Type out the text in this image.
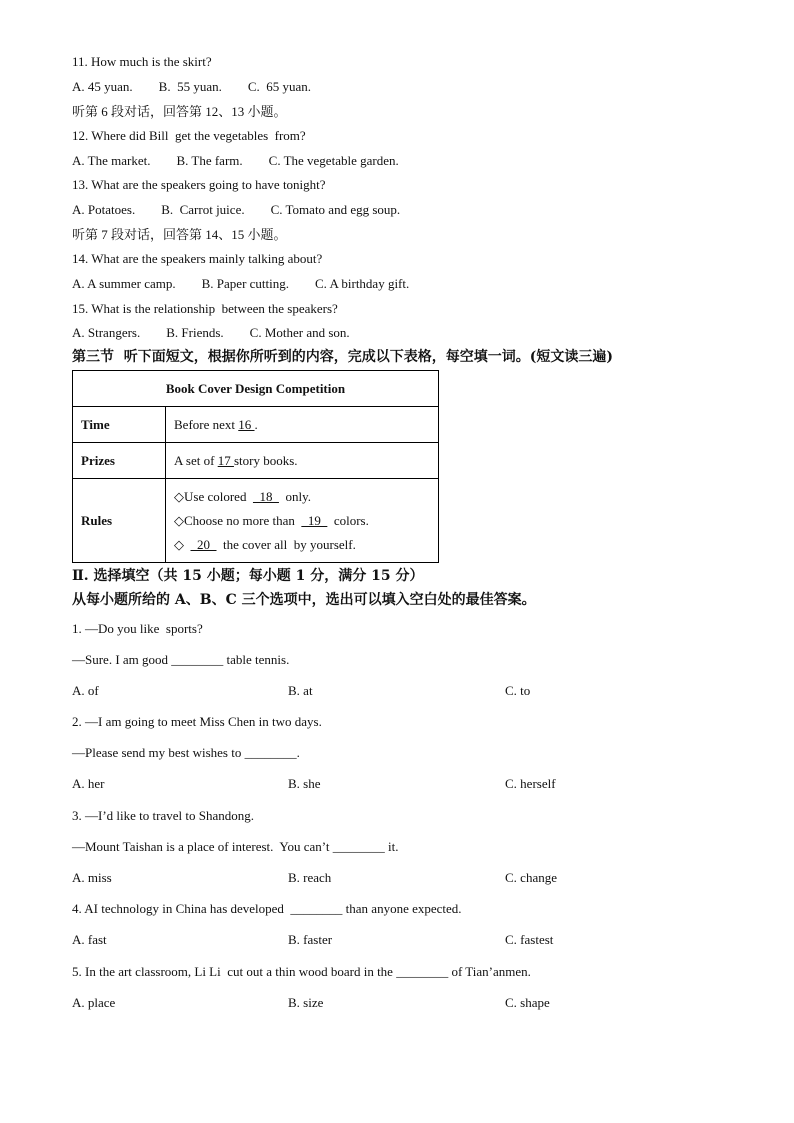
11. How much is the skirt?
A. 45 yuan.        B.  55 yuan.        C.  65 yuan.
听第 6 段对话，回答第 12、13 小题。
12. Where did Bill  get the vegetables  from?
A. The market.        B. The farm.        C. The vegetable garden.
13. What are the speakers going to have tonight?
A. Potatoes.        B.  Carrot juice.        C. Tomato and egg soup.
听第 7 段对话，回答第 14、15 小题。
14. What are the speakers mainly talking about?
A. A summer camp.        B. Paper cutting.        C. A birthday gift.
15. What is the relationship  between the speakers?
A. Strangers.        B. Friends.        C. Mother and son.
第三节  听下面短文，根据你所听到的内容，完成以下表格，每空填一词。(短文读三遍)
Book Cover Design Competition	
Time	Before next 16 .
Prizes	A set of 17 story books.
Rules	◇Use colored    18    only.
◇Choose no more than    19    colors.
◇    20    the cover all  by yourself.
Ⅱ. 选择填空（共 15 小题；每小题 1 分，满分 15 分）
从每小题所给的 A、B、C 三个选项中，选出可以填入空白处的最佳答案。
1. —Do you like  sports?
—Sure. I am good ________ table tennis.
A. of	B. at	C. to
2. —I am going to meet Miss Chen in two days.
—Please send my best wishes to ________.
A. her	B. she	C. herself
3. —I’d like to travel to Shandong.
—Mount Taishan is a place of interest.  You can’t ________ it.
A. miss	B. reach	C. change
4. AI technology in China has developed  ________ than anyone expected.
A. fast	B. faster	C. fastest
5. In the art classroom, Li Li  cut out a thin wood board in the ________ of Tian’anmen.
A. place	B. size	C. shape
